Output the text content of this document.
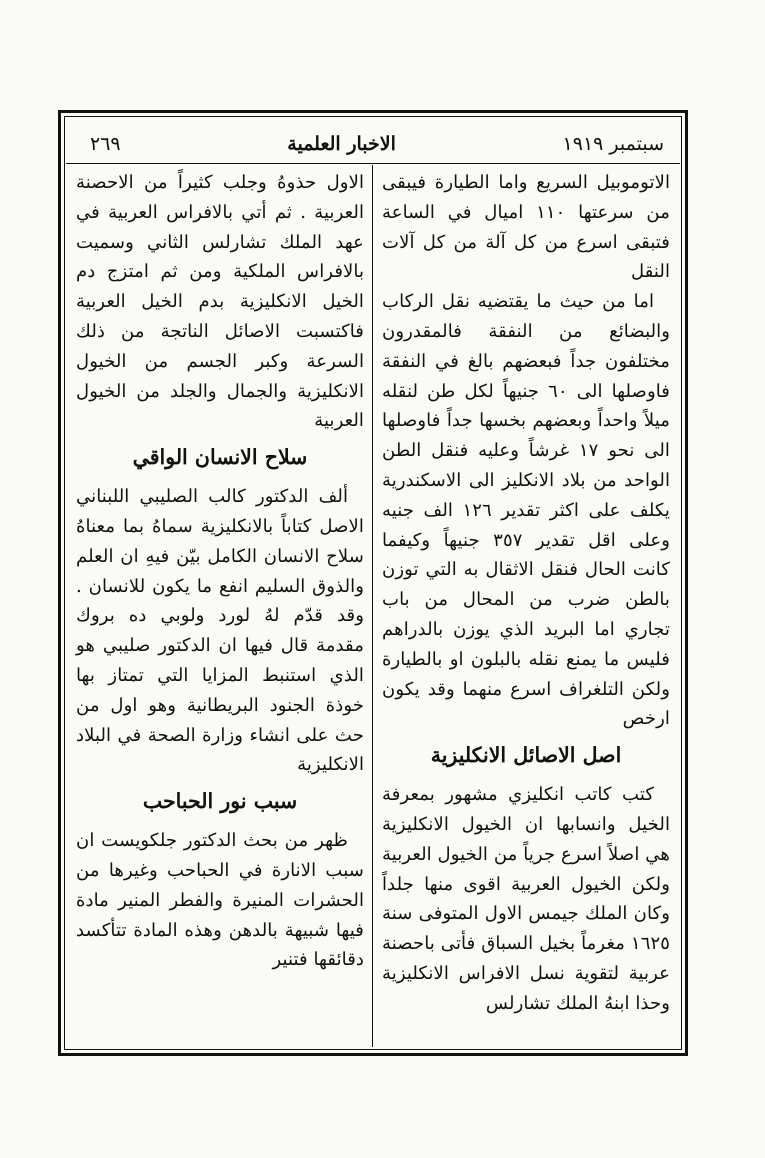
سبتمبر ١٩١٩
الاخبار العلمية
٢٦٩

الاتوموبيل السريع واما الطيارة فيبقى من سرعتها ١١٠ اميال في الساعة فتبقى اسرع من كل آلة من كل آلات النقل

اما من حيث ما يقتضيه نقل الركاب والبضائع من النفقة فالمقدرون مختلفون جداً فبعضهم بالغ في النفقة فاوصلها الى ٦٠ جنيهاً لكل طن لنقله ميلاً واحداً وبعضهم بخسها جداً فاوصلها الى نحو ١٧ غرشاً وعليه فنقل الطن الواحد من بلاد الانكليز الى الاسكندرية يكلف على اكثر تقدير ١٢٦ الف جنيه وعلى اقل تقدير ٣٥٧ جنيهاً وكيفما كانت الحال فنقل الاثقال به التي توزن بالطن ضرب من المحال من باب تجاري اما البريد الذي يوزن بالدراهم فليس ما يمنع نقله بالبلون او بالطيارة ولكن التلغراف اسرع منهما وقد يكون ارخص

اصل الاصائل الانكليزية

كتب كاتب انكليزي مشهور بمعرفة الخيل وانسابها ان الخيول الانكليزية هي اصلاً اسرع جرياً من الخيول العربية ولكن الخيول العربية اقوى منها جلداً وكان الملك جيمس الاول المتوفى سنة ١٦٢٥ مغرماً بخيل السباق فأتى باحصنة عربية لتقوية نسل الافراس الانكليزية وحذا ابنهُ الملك تشارلس

الاول حذوهُ وجلب كثيراً من الاحصنة العربية . ثم أتي بالافراس العربية في عهد الملك تشارلس الثاني وسميت بالافراس الملكية ومن ثم امتزج دم الخيل الانكليزية بدم الخيل العربية فاكتسبت الاصائل الناتجة من ذلك السرعة وكبر الجسم من الخيول الانكليزية والجمال والجلد من الخيول العربية

سلاح الانسان الواقي

ألف الدكتور كالب الصليبي اللبناني الاصل كتاباً بالانكليزية سماهُ بما معناهُ سلاح الانسان الكامل بيّن فيهِ ان العلم والذوق السليم انفع ما يكون للانسان . وقد قدّم لهُ لورد ولوبي ده بروك مقدمة قال فيها ان الدكتور صليبي هو الذي استنبط المزايا التي تمتاز بها خوذة الجنود البريطانية وهو اول من حث على انشاء وزارة الصحة في البلاد الانكليزية

سبب نور الحباحب

ظهر من بحث الدكتور جلكويست ان سبب الانارة في الحباحب وغيرها من الحشرات المنيرة والفطر المنير مادة فيها شبيهة بالدهن وهذه المادة تتأكسد دقائقها فتنير
